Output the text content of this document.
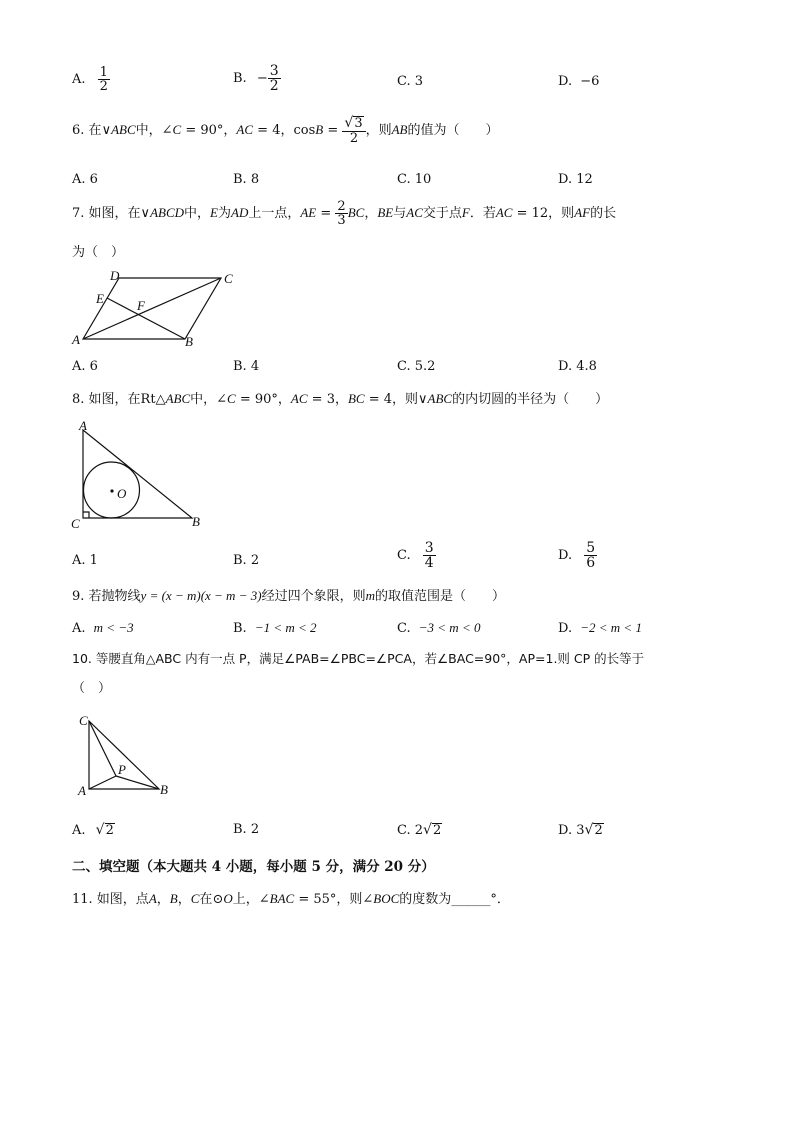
A. $\frac{1}{2}$	B. − $\frac{3}{2}$	C. 3	D. −6
6. 在∨ABC中，∠C = 90°，AC = 4，$\cos B = \frac{√3}{2}$ ，则AB的值为（　　）
A. 6	B. 8	C. 10	D. 12
7. 如图，在∨ABCD中，E为AD上一点，AE = $\frac{2}{3}$ BC，BE与AC交于点F．若AC = 12，则AF的长
为（　）
D	C
E	F
A	B
A. 6	B. 4	C. 5.2	D. 4.8
8. 如图，在Rt△ABC中，∠C = 90°，AC = 3，BC = 4，则∨ABC的内切圆的半径为（　　）
A
O
C	B
A. 1	B. 2	C. $\frac{3}{4}$	D. $\frac{5}{6}$
9. 若抛物线y = (x − m)(x − m − 3)经过四个象限，则m的取值范围是（　　）
A. m < −3	B. −1 < m < 2	C. −3 < m < 0	D. −2 < m < 1
10. 等腰直角△ABC 内有一点 P，满足∠PAB=∠PBC=∠PCA，若∠BAC=90°，AP=1.则 CP 的长等于
（　）
C
P
A	B
A. √2	B. 2	C. 2√2	D. 3√2
二、填空题（本大题共 4 小题，每小题 5 分，满分 20 分）
11. 如图，点A，B，C在⊙O上，∠BAC = 55°，则∠BOC的度数为______°．
